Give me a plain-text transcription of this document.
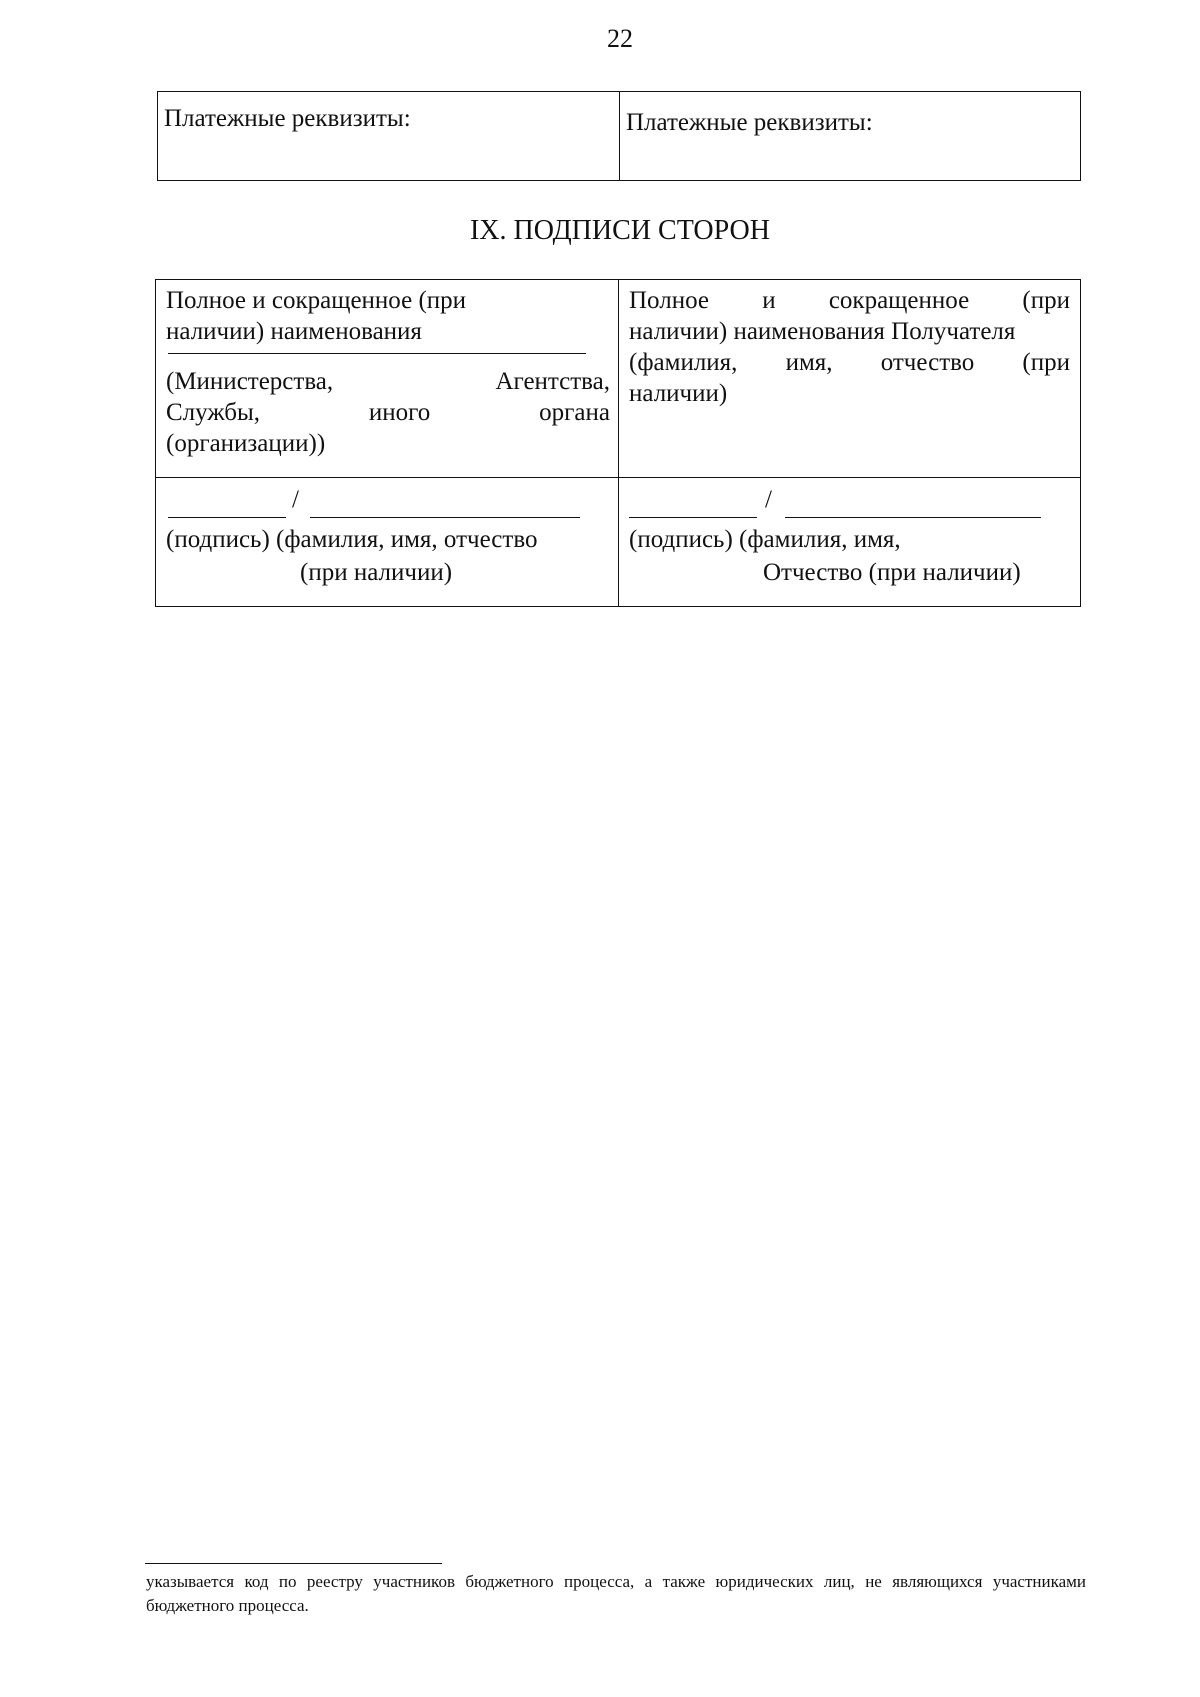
22
Платежные реквизиты:	Платежные реквизиты:
IX. ПОДПИСИ СТОРОН
Полное и сокращенное (при
наличии) наименования
(Министерства, Агентства,
Службы, иного органа
(организации))
Полное и сокращенное (при
наличии) наименования Получателя
(фамилия, имя, отчество (при
наличии)
/
(подпись) (фамилия, имя, отчество
(при наличии)
/
(подпись) (фамилия, имя,
Отчество (при наличии)
указывается код по реестру участников бюджетного процесса, а также юридических лиц, не являющихся участниками бюджетного процесса.
